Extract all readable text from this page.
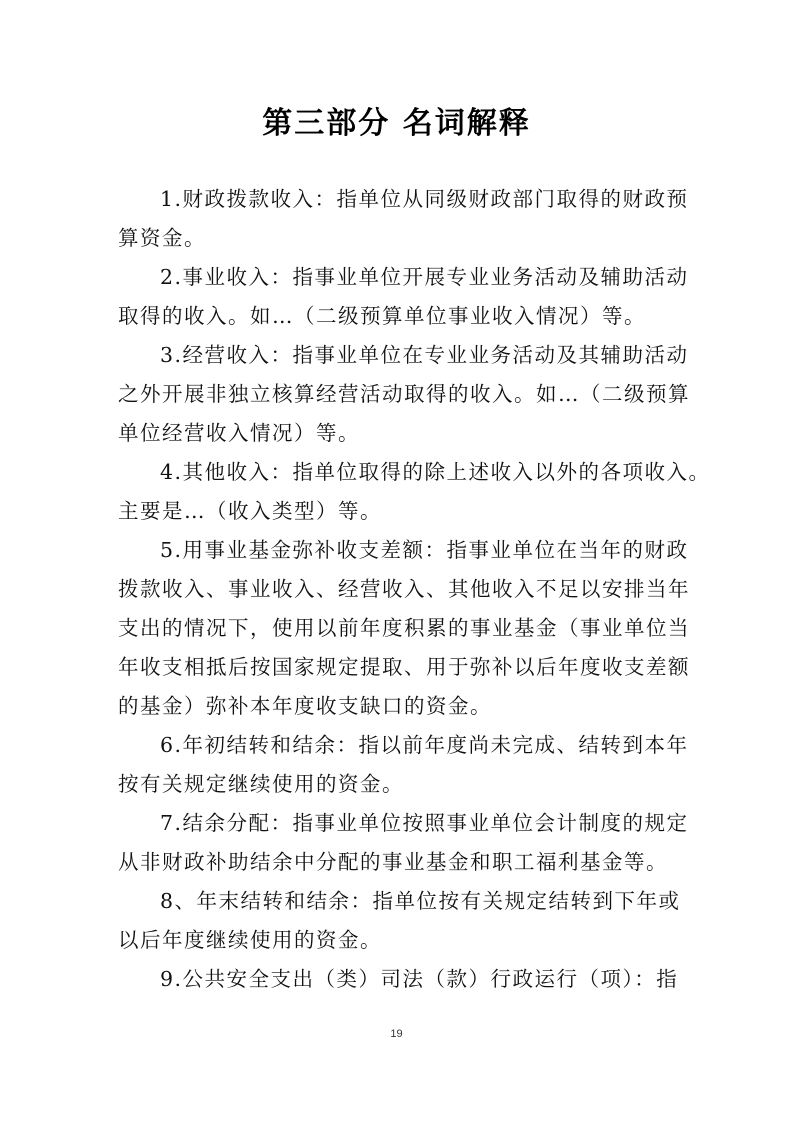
第三部分 名词解释
1.财政拨款收入：指单位从同级财政部门取得的财政预
算资金。
2.事业收入：指事业单位开展专业业务活动及辅助活动
取得的收入。如…（二级预算单位事业收入情况）等。
3.经营收入：指事业单位在专业业务活动及其辅助活动
之外开展非独立核算经营活动取得的收入。如…（二级预算
单位经营收入情况）等。
4.其他收入：指单位取得的除上述收入以外的各项收入。
主要是…（收入类型）等。
5.用事业基金弥补收支差额：指事业单位在当年的财政
拨款收入、事业收入、经营收入、其他收入不足以安排当年
支出的情况下，使用以前年度积累的事业基金（事业单位当
年收支相抵后按国家规定提取、用于弥补以后年度收支差额
的基金）弥补本年度收支缺口的资金。
6.年初结转和结余：指以前年度尚未完成、结转到本年
按有关规定继续使用的资金。
7.结余分配：指事业单位按照事业单位会计制度的规定
从非财政补助结余中分配的事业基金和职工福利基金等。
8、年末结转和结余：指单位按有关规定结转到下年或
以后年度继续使用的资金。
9.公共安全支出（类）司法（款）行政运行（项）：指
19
